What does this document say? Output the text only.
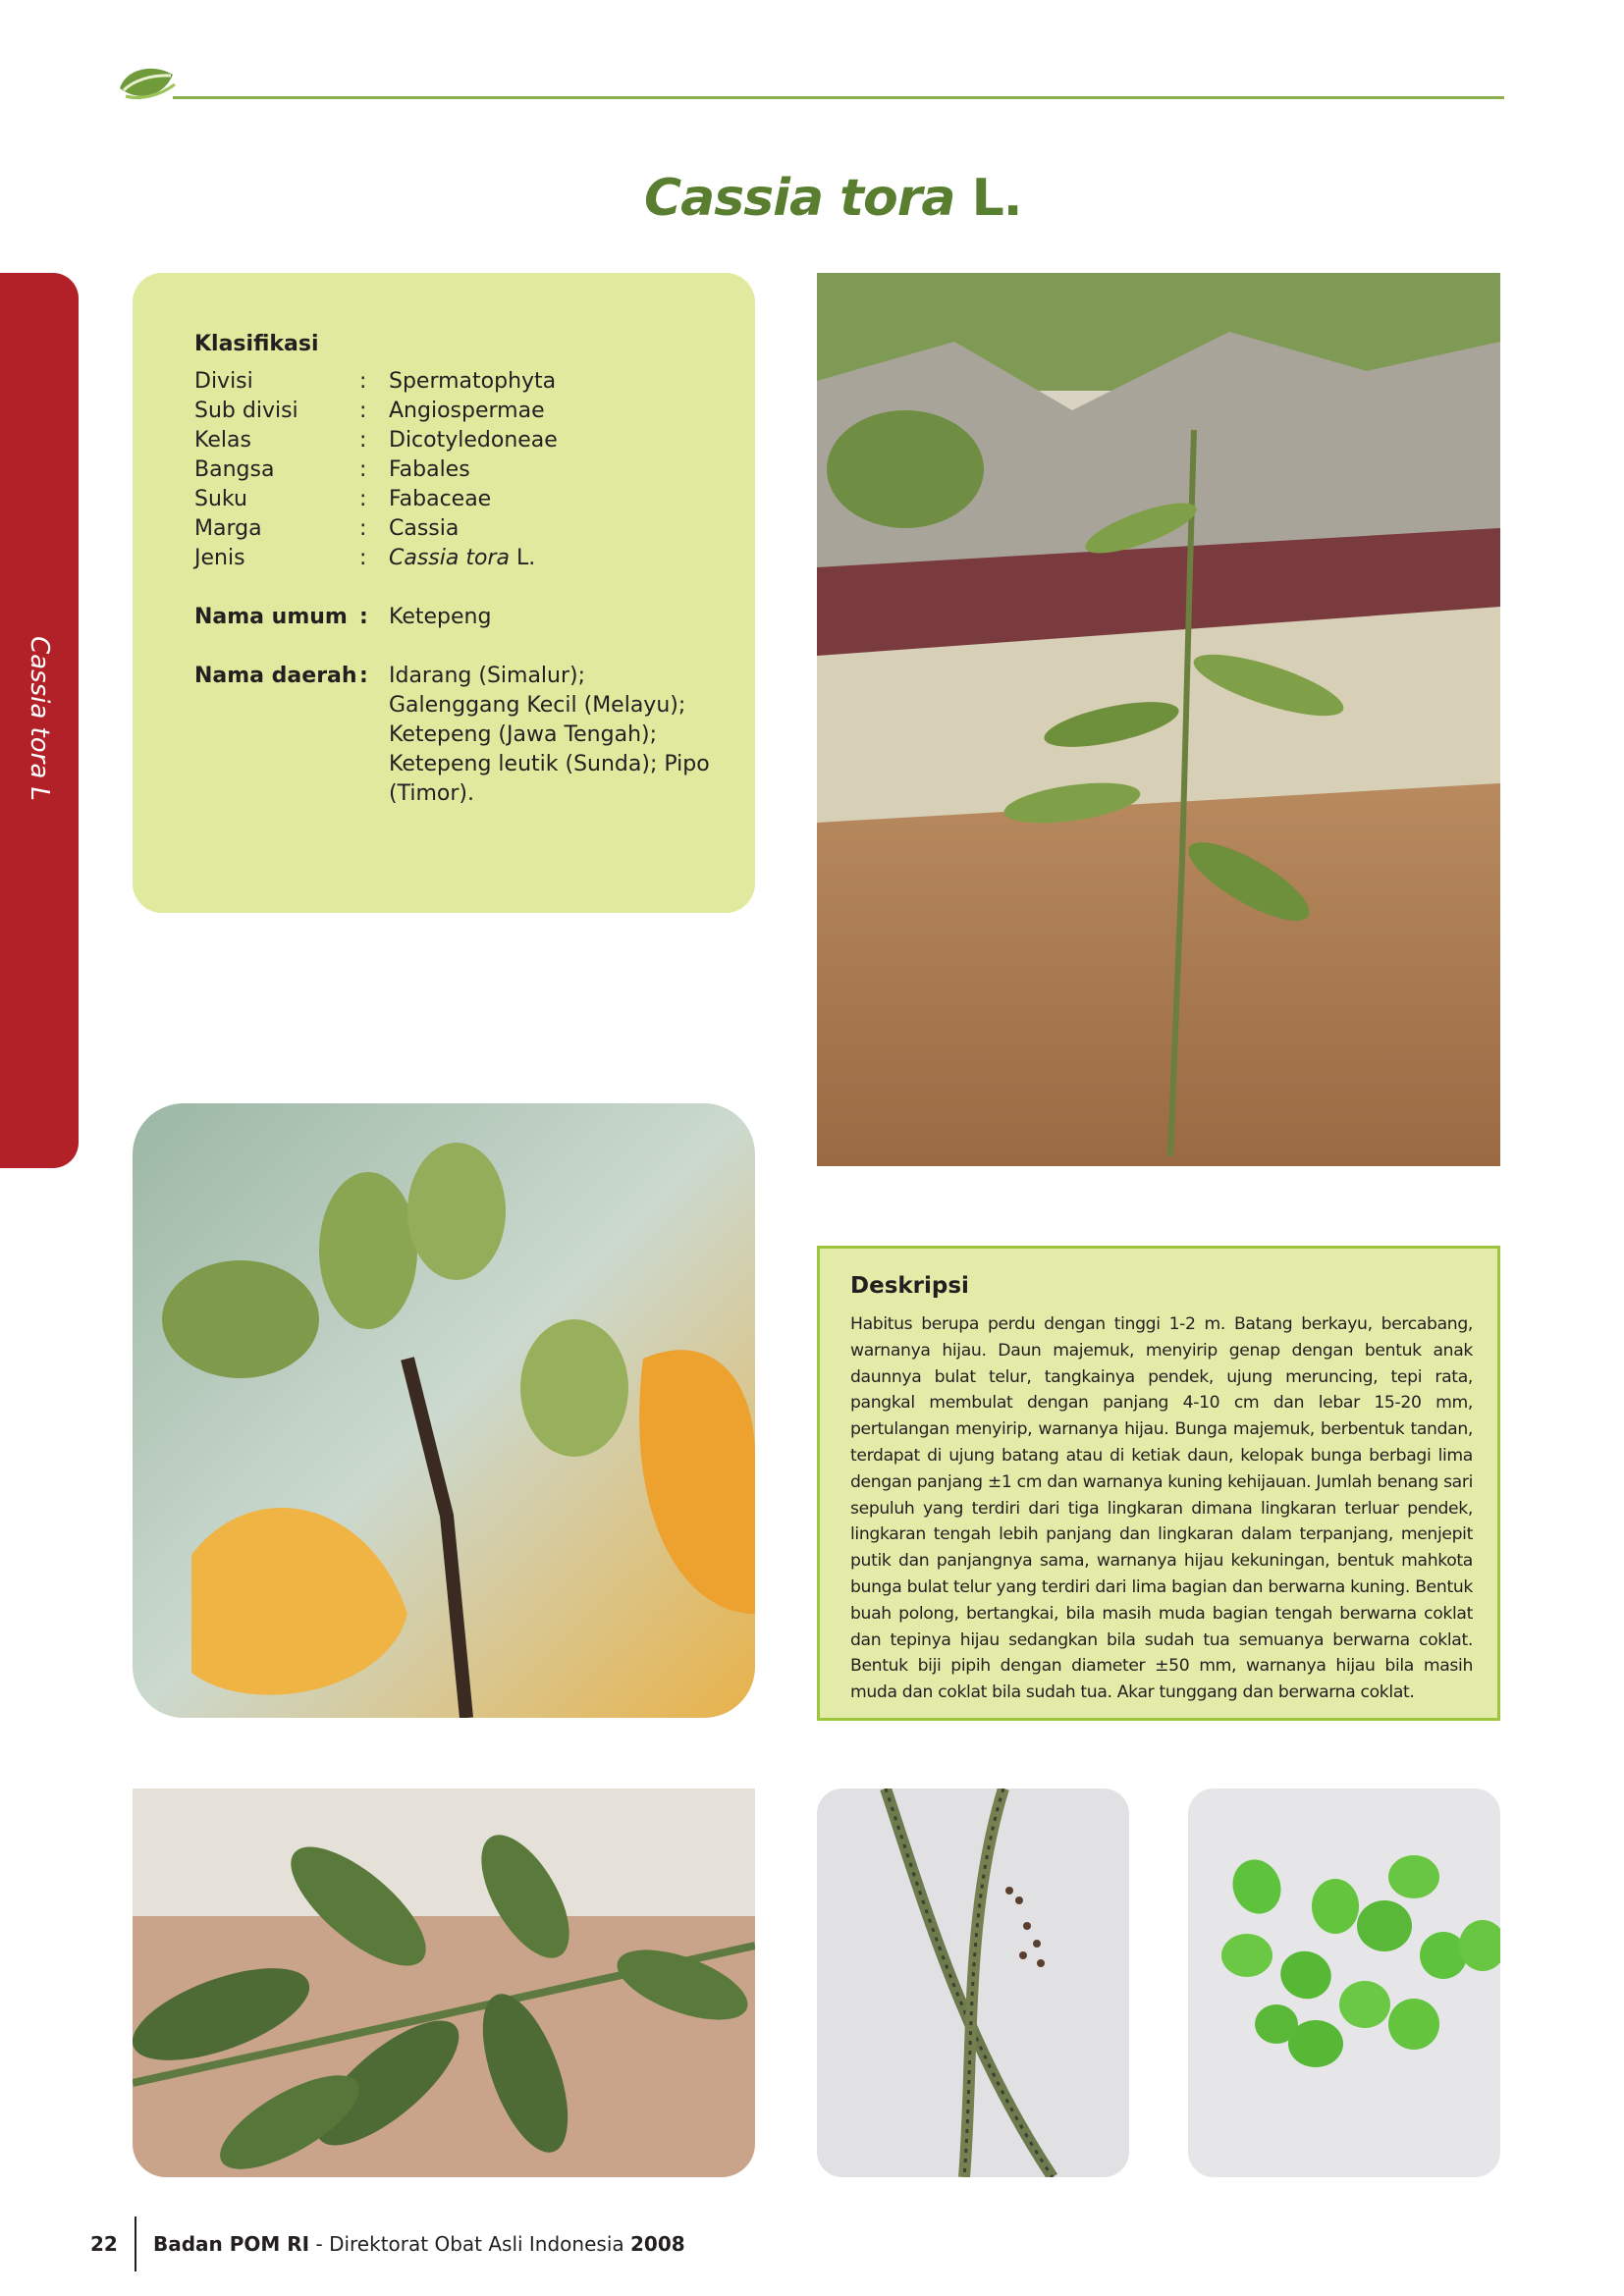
Cassia tora L.
Cassia tora L
Klasifikasi
Divisi	:	Spermatophyta
Sub divisi	:	Angiospermae
Kelas	:	Dicotyledoneae
Bangsa	:	Fabales
Suku	:	Fabaceae
Marga	:	Cassia
Jenis	:	Cassia tora L.
Nama umum : Ketepeng
Nama daerah : Idarang (Simalur);
Galenggang Kecil (Melayu);
Ketepeng (Jawa Tengah);
Ketepeng leutik (Sunda); Pipo
(Timor).
Deskripsi
Habitus berupa perdu dengan tinggi 1-2 m. Batang berkayu, bercabang, warnanya hijau. Daun majemuk, menyirip genap dengan bentuk anak daunnya bulat telur, tangkainya pendek, ujung meruncing, tepi rata, pangkal membulat dengan panjang 4-10 cm dan lebar 15-20 mm, pertulangan menyirip, warnanya hijau. Bunga majemuk, berbentuk tandan, terdapat di ujung batang atau di ketiak daun, kelopak bunga berbagi lima dengan panjang ±1 cm dan warnanya kuning kehijauan. Jumlah benang sari sepuluh yang terdiri dari tiga lingkaran dimana lingkaran terluar pendek, lingkaran tengah lebih panjang dan lingkaran dalam terpanjang, menjepit putik dan panjangnya sama, warnanya hijau kekuningan, bentuk mahkota bunga bulat telur yang terdiri dari lima bagian dan berwarna kuning. Bentuk buah polong, bertangkai, bila masih muda bagian tengah berwarna coklat dan tepinya hijau sedangkan bila sudah tua semuanya berwarna coklat. Bentuk biji pipih dengan diameter ±50 mm, warnanya hijau bila masih muda dan coklat bila sudah tua. Akar tunggang dan berwarna coklat.
22 Badan POM RI - Direktorat Obat Asli Indonesia 2008
